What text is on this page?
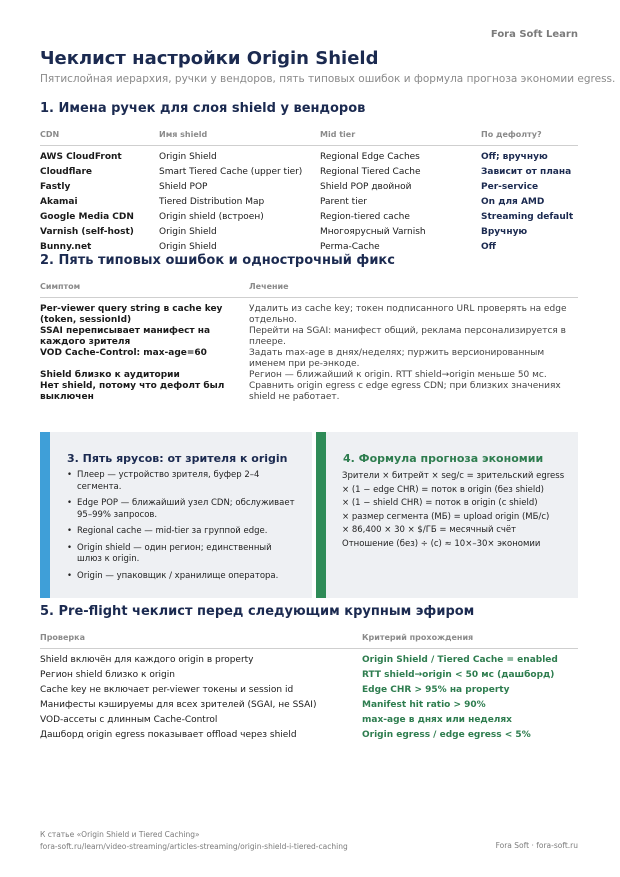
Fora Soft Learn
Чеклист настройки Origin Shield
Пятислойная иерархия, ручки у вендоров, пять типовых ошибок и формула прогноза экономии egress.
1. Имена ручек для слоя shield у вендоров
CDN	Имя shield	Mid tier	По дефолту?
AWS CloudFront	Origin Shield	Regional Edge Caches	Off; вручную
Cloudflare	Smart Tiered Cache (upper tier)	Regional Tiered Cache	Зависит от плана
Fastly	Shield POP	Shield POP двойной	Per-service
Akamai	Tiered Distribution Map	Parent tier	On для AMD
Google Media CDN	Origin shield (встроен)	Region-tiered cache	Streaming default
Varnish (self-host)	Origin Shield	Многоярусный Varnish	Вручную
Bunny.net	Origin Shield	Perma-Cache	Off
2. Пять типовых ошибок и однострочный фикс
Симптом	Лечение
Per-viewer query string в cache key (token, sessionId)	Удалить из cache key; токен подписанного URL проверять на edge отдельно.
SSAI переписывает манифест на каждого зрителя	Перейти на SGAI: манифест общий, реклама персонализируется в плеере.
VOD Cache-Control: max-age=60	Задать max-age в днях/неделях; пуржить версионированным именем при ре-энкоде.
Shield близко к аудитории	Регион — ближайший к origin. RTT shield→origin меньше 50 мс.
Нет shield, потому что дефолт был выключен	Сравнить origin egress с edge egress CDN; при близких значениях shield не работает.
3. Пять ярусов: от зрителя к origin
• Плеер — устройство зрителя, буфер 2–4 сегмента.
• Edge POP — ближайший узел CDN; обслуживает 95–99% запросов.
• Regional cache — mid-tier за группой edge.
• Origin shield — один регион; единственный шлюз к origin.
• Origin — упаковщик / хранилище оператора.
4. Формула прогноза экономии
Зрители × битрейт × seg/с = зрительский egress
× (1 − edge CHR) = поток в origin (без shield)
× (1 − shield CHR) = поток в origin (с shield)
× размер сегмента (МБ) = upload origin (МБ/с)
× 86,400 × 30 × $/ГБ = месячный счёт
Отношение (без) ÷ (с) ≈ 10×–30× экономии
5. Pre-flight чеклист перед следующим крупным эфиром
Проверка	Критерий прохождения
Shield включён для каждого origin в property	Origin Shield / Tiered Cache = enabled
Регион shield близко к origin	RTT shield→origin < 50 мс (дашборд)
Cache key не включает per-viewer токены и session id	Edge CHR > 95% на property
Манифесты кэшируемы для всех зрителей (SGAI, не SSAI)	Manifest hit ratio > 90%
VOD-ассеты с длинным Cache-Control	max-age в днях или неделях
Дашборд origin egress показывает offload через shield	Origin egress / edge egress < 5%
К статье «Origin Shield и Tiered Caching»
fora-soft.ru/learn/video-streaming/articles-streaming/origin-shield-i-tiered-caching	Fora Soft · fora-soft.ru
